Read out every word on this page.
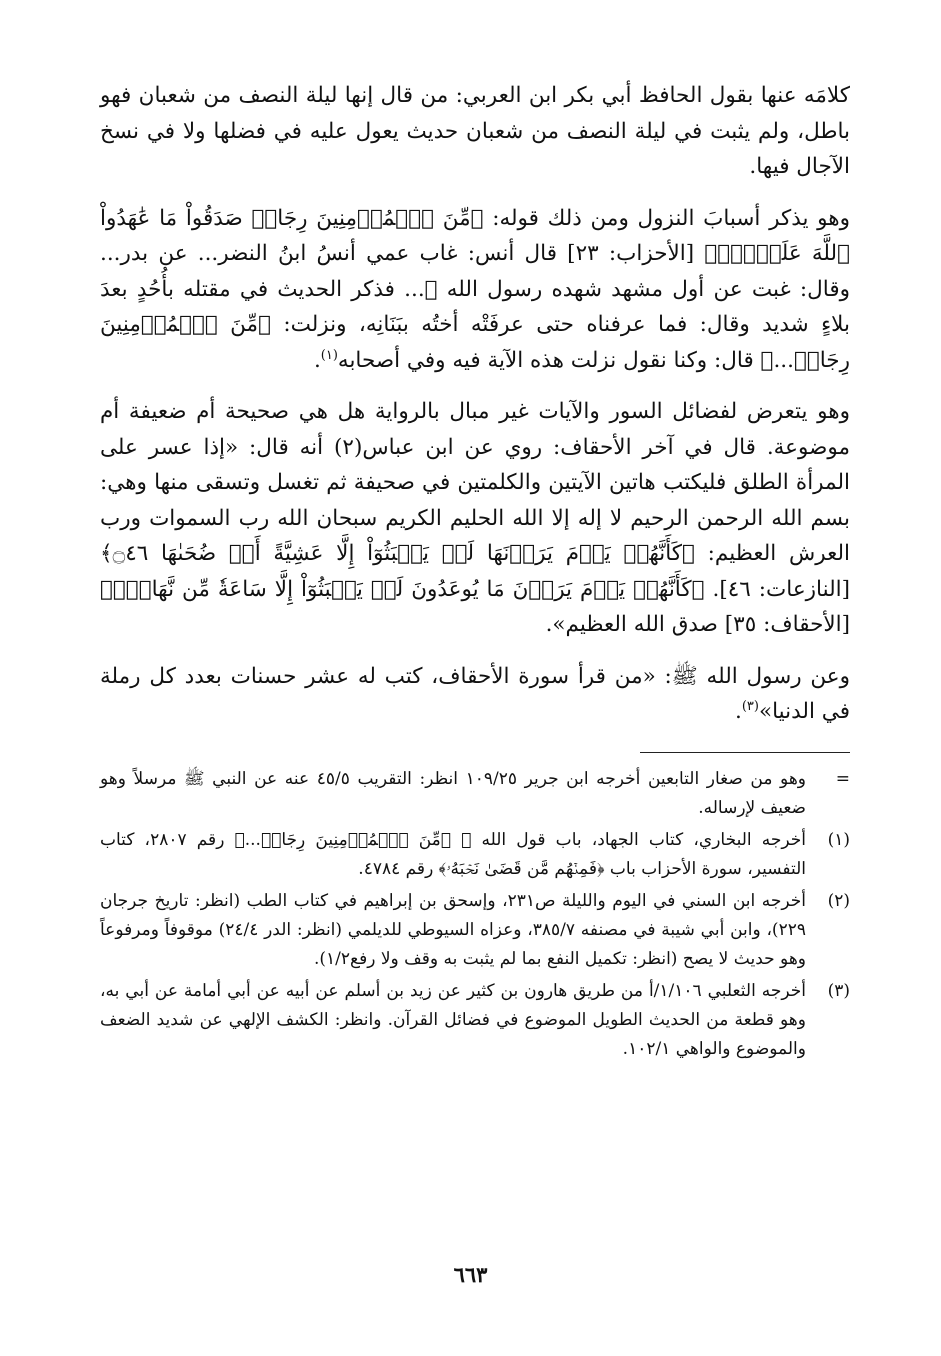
كلامَه عنها بقول الحافظ أبي بكر ابن العربي: من قال إنها ليلة النصف من شعبان فهو باطل، ولم يثبت في ليلة النصف من شعبان حديث يعول عليه في فضلها ولا في نسخ الآجال فيها.

وهو يذكر أسبابَ النزول ومن ذلك قوله: ﴿مِّنَ ٱلۡمُؤۡمِنِينَ رِجَالٞ صَدَقُواْ مَا عَٰهَدُواْ ٱللَّهَ عَلَيۡهِۖ﴾ [الأحزاب: ٢٣] قال أنس: غاب عمي أنسُ ابنُ النضر... عن بدر... وقال: غبت عن أول مشهد شهده رسول الله ﷺ... فذكر الحديث في مقتله بأُحُدٍ بعدَ بلاءٍ شديد وقال: فما عرفناه حتى عرفَتْه أختُه ببَنَانِه، ونزلت: ﴿مِّنَ ٱلۡمُؤۡمِنِينَ رِجَالٞ...﴾ قال: وكنا نقول نزلت هذه الآية فيه وفي أصحابه$^{(١)}$.

وهو يتعرض لفضائل السور والآيات غير مبال بالرواية هل هي صحيحة أم ضعيفة أم موضوعة. قال في آخر الأحقاف: روي عن ابن عباس(٢) أنه قال: «إذا عسر على المرأة الطلق فليكتب هاتين الآيتين والكلمتين في صحيفة ثم تغسل وتسقى منها وهي: بسم الله الرحمن الرحيم لا إله إلا الله الحليم الكريم سبحان الله رب السموات ورب العرش العظيم: ﴿كَأَنَّهُمۡ يَوۡمَ يَرَوۡنَهَا لَمۡ يَلۡبَثُوٓاْ إِلَّا عَشِيَّةً أَوۡ ضُحَىٰهَا ۝٤٦﴾ [النازعات: ٤٦]. ﴿كَأَنَّهُمۡ يَوۡمَ يَرَوۡنَ مَا يُوعَدُونَ لَمۡ يَلۡبَثُوٓاْ إِلَّا سَاعَةٗ مِّن نَّهَارِۭ﴾ [الأحقاف: ٣٥] صدق الله العظيم».

وعن رسول الله ﷺ: «من قرأ سورة الأحقاف، كتب له عشر حسنات بعدد كل رملة في الدنيا»$^{(٣)}$.

=
وهو من صغار التابعين أخرجه ابن جرير ١٠٩/٢٥ انظر: التقريب ٤٥/٥ عنه عن النبي ﷺ مرسلاً وهو ضعيف لإرساله.
(١)
أخرجه البخاري، كتاب الجهاد، باب قول الله ﷻ ﴿مِّنَ ٱلۡمُؤۡمِنِينَ رِجَالٞ...﴾ رقم ٢٨٠٧، كتاب التفسير، سورة الأحزاب باب ﴿فَمِنۡهُم مَّن قَضَىٰ نَحۡبَهُۥ﴾ رقم ٤٧٨٤.
(٢)
أخرجه ابن السني في اليوم والليلة ص٢٣١، وإسحق بن إبراهيم في كتاب الطب (انظر: تاريخ جرجان ٢٢٩)، وابن أبي شيبة في مصنفه ٣٨٥/٧، وعزاه السيوطي للديلمي (انظر: الدر ٢٤/٤) موقوفاً ومرفوعاً وهو حديث لا يصح (انظر: تكميل النفع بما لم يثبت به وقف ولا رفع١/٢).
(٣)
أخرجه الثعلبي ١/١٠٦/أ من طريق هارون بن كثير عن زيد بن أسلم عن أبيه عن أبي أمامة عن أبي به، وهو قطعة من الحديث الطويل الموضوع في فضائل القرآن. وانظر: الكشف الإلهي عن شديد الضعف والموضوع والواهي ١٠٢/١.
٦٦٣
